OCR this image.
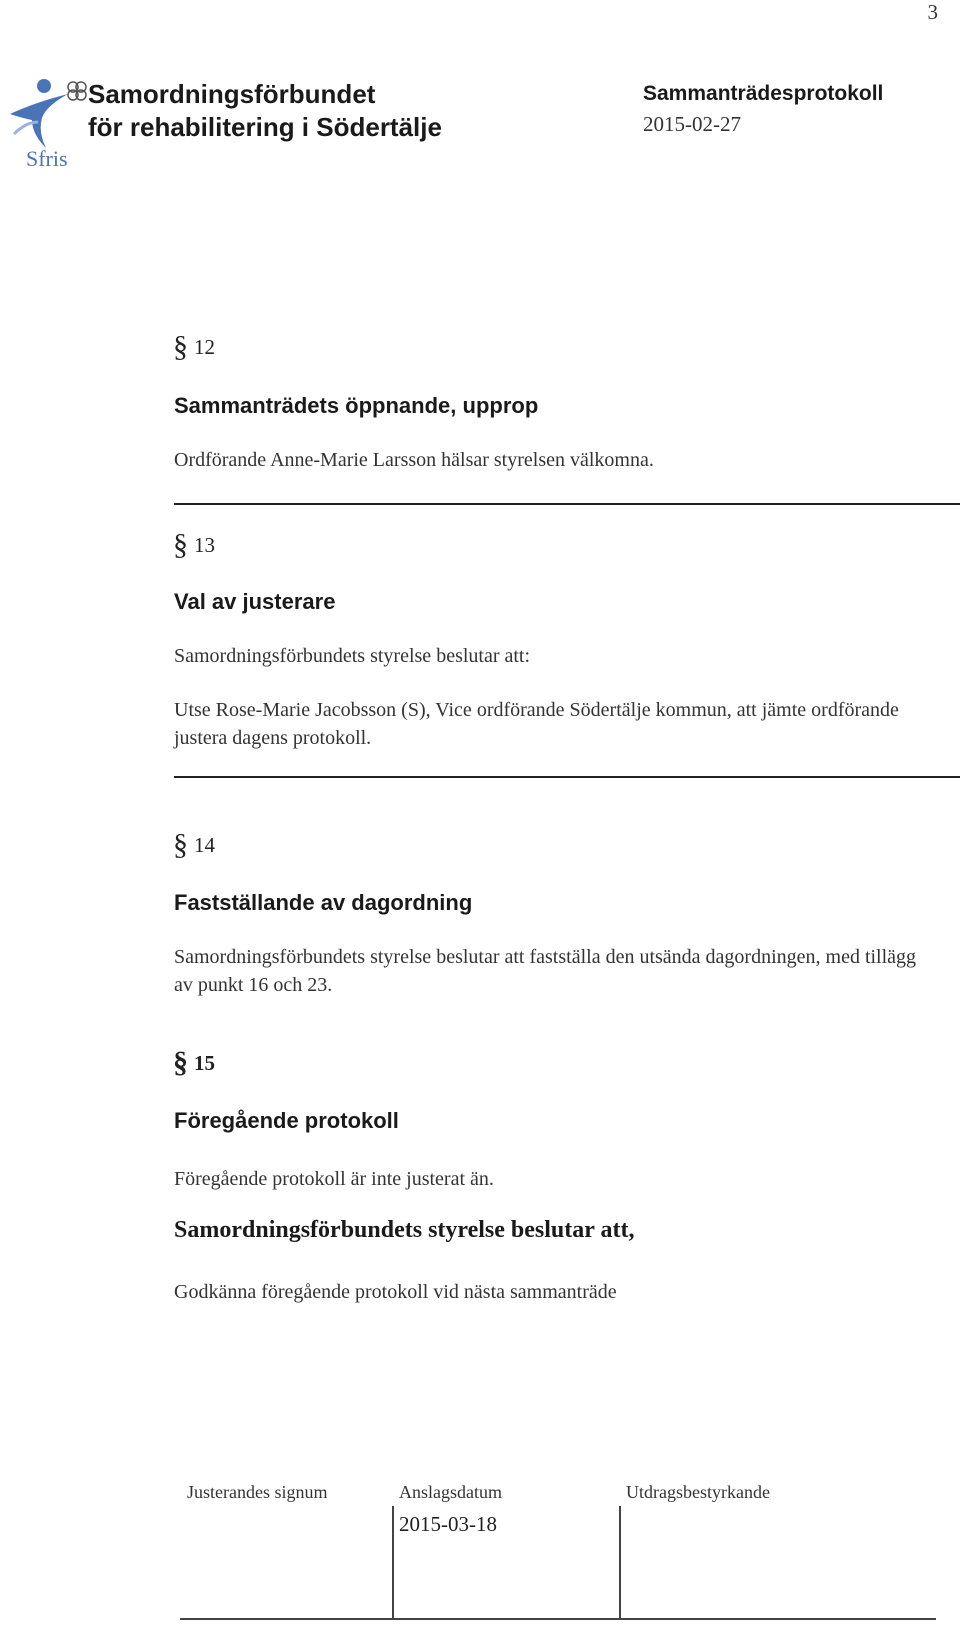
3
Sfris
Samordningsförbundet
för rehabilitering i Södertälje
Sammanträdesprotokoll
2015-02-27
§ 12
Sammanträdets öppnande, upprop
Ordförande Anne-Marie Larsson hälsar styrelsen välkomna.
§ 13
Val av justerare
Samordningsförbundets styrelse beslutar att:
Utse Rose-Marie Jacobsson (S), Vice ordförande Södertälje kommun, att jämte ordförande justera dagens protokoll.
§ 14
Fastställande av dagordning
Samordningsförbundets styrelse beslutar att fastställa den utsända dagordningen, med tillägg av punkt 16 och 23.
§ 15
Föregående protokoll
Föregående protokoll är inte justerat än.
Samordningsförbundets styrelse beslutar att,
Godkänna föregående protokoll vid nästa sammanträde
Justerandes signum	Anslagsdatum	Utdragsbestyrkande
2015-03-18
